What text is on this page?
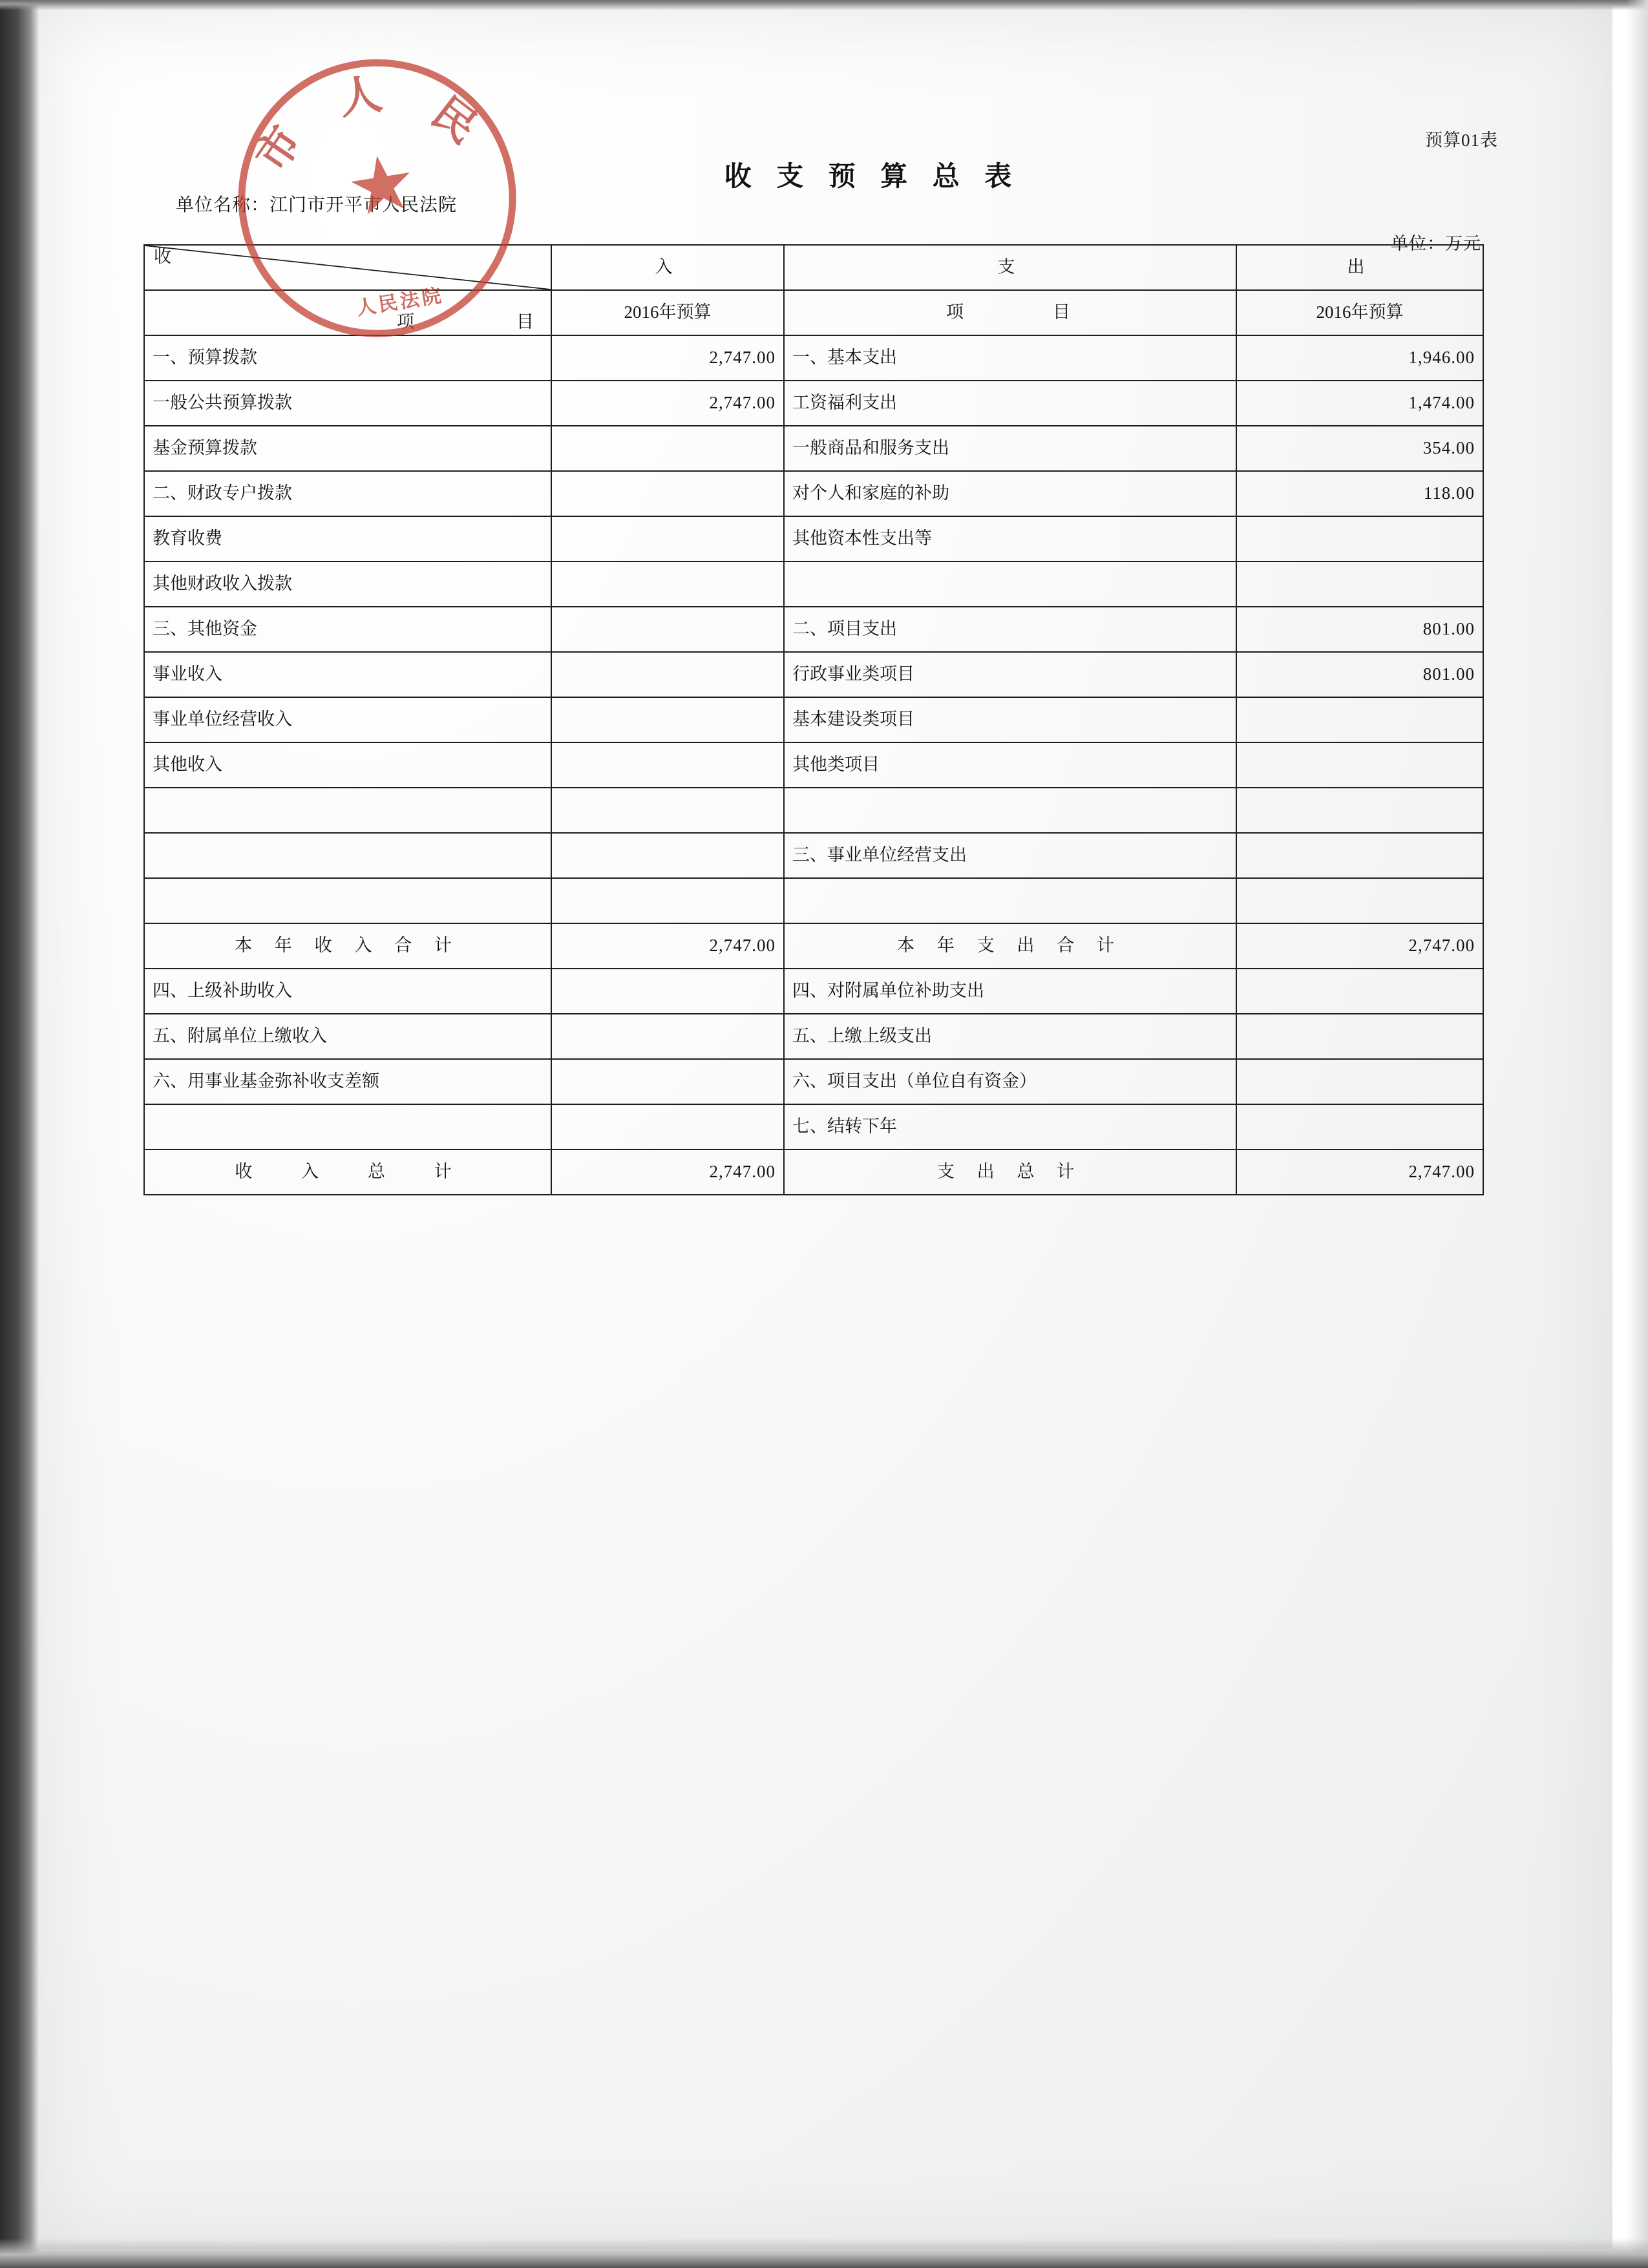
预算01表
收 支 预 算 总 表
单位名称：江门市开平市人民法院
单位：万元
收	入	支	出

项　　　　目	2016年预算	项　　　　目	2016年预算
一、预算拨款	2,747.00	一、基本支出	1,946.00
一般公共预算拨款	2,747.00	工资福利支出	1,474.00
基金预算拨款		一般商品和服务支出	354.00
二、财政专户拨款		对个人和家庭的补助	118.00
教育收费		其他资本性支出等	
其他财政收入拨款			
三、其他资金		二、项目支出	801.00
事业收入		行政事业类项目	801.00
事业单位经营收入		基本建设类项目	
其他收入		其他类项目	

		三、事业单位经营支出	

本 年 收 入 合 计	2,747.00	本 年 支 出 合 计	2,747.00
四、上级补助收入		四、对附属单位补助支出	
五、附属单位上缴收入		五、上缴上级支出	
六、用事业基金弥补收支差额		六、项目支出（单位自有资金）	
		七、结转下年	
收　 入　 总　 计	2,747.00	支 出 总 计	2,747.00
市　人　民
★
人民法院
